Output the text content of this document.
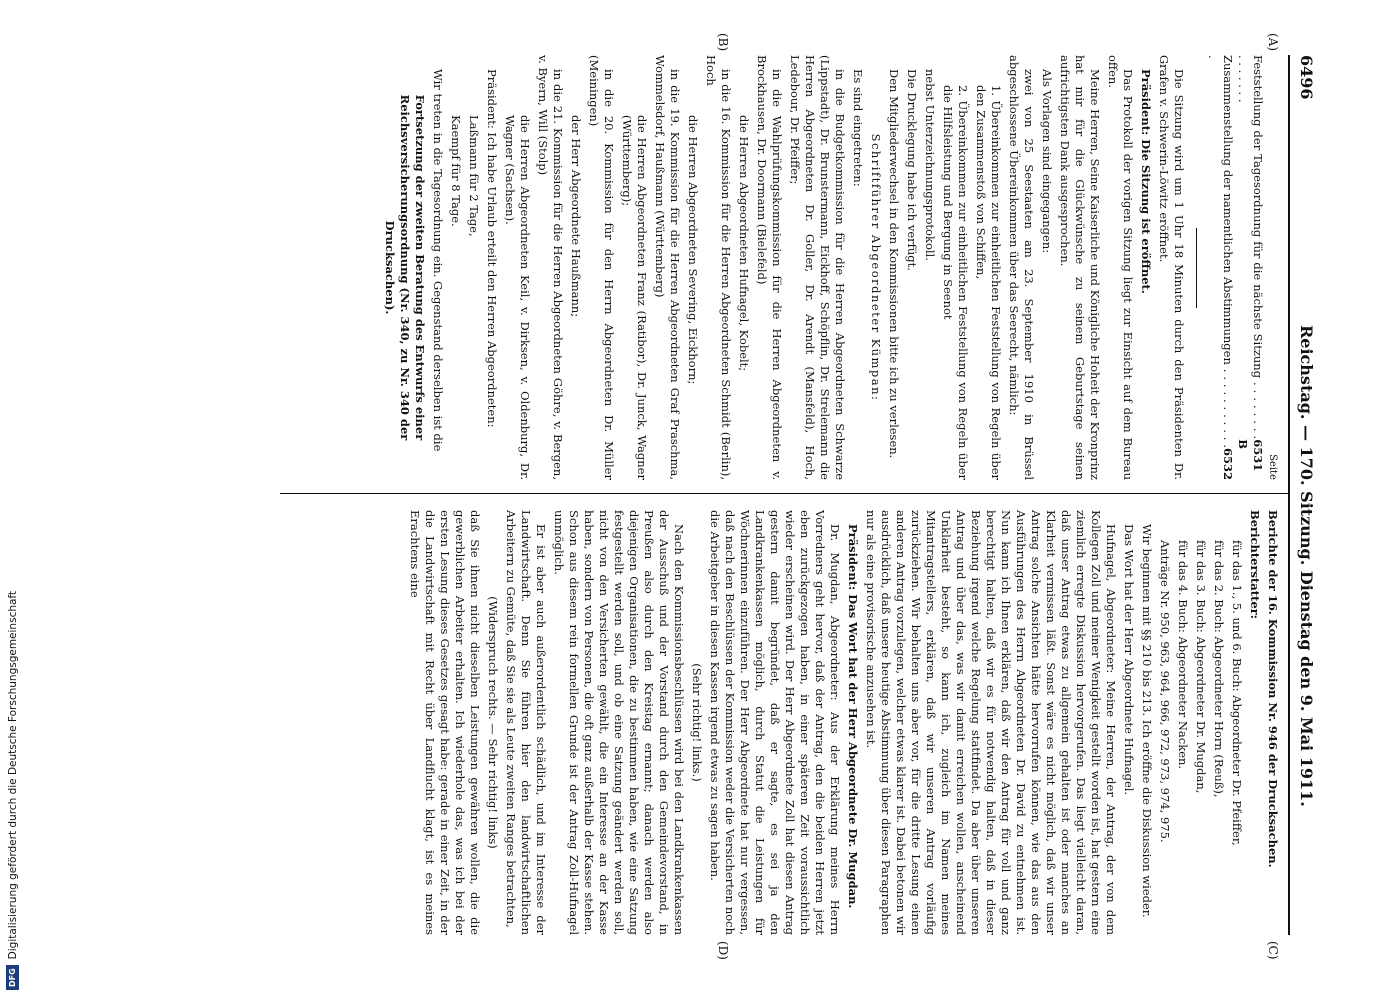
6496
Reichstag. — 170. Sitzung. Dienstag den 9. Mai 1911.
(A)
(B)
(C)
(D)
Seite
Feststellung der Tagesordnung für die nächste Sitzung . . . . . . . . . . . . . . .
6531 B
Zusammenstellung der namentlichen Abstimmungen . . . . . . . . . . . .
6532

Die Sitzung wird um 1 Uhr 18 Minuten durch den Präsidenten Dr. Grafen v. Schwerin-Löwitz eröffnet.

Präsident: Die Sitzung ist eröffnet.

Das Protokoll der vorigen Sitzung liegt zur Einsicht auf dem Bureau offen.

Meine Herren, Seine Kaiserliche und Königliche Hoheit der Kronprinz hat mir für die Glückwünsche zu seinem Geburtstage seinen aufrichtigsten Dank ausgesprochen.

Als Vorlagen sind eingegangen:

zwei von 25 Seestaaten am 23. September 1910 in Brüssel abgeschlossene Übereinkommen über das Seerecht, nämlich:

1. Übereinkommen zur einheitlichen Feststellung von Regeln über den Zusammenstoß von Schiffen,

2. Übereinkommen zur einheitlichen Feststellung von Regeln über die Hilfsleistung und Bergung in Seenot

nebst Unterzeichnungsprotokoll.

Die Drucklegung habe ich verfügt.

Den Mitgliederwechsel in den Kommissionen bitte ich zu verlesen.

Schriftführer Abgeordneter Kümpan:

Es sind eingetreten:

in die Budgetkommission für die Herren Abgeordneten Schwarze (Lippstadt), Dr. Brunstermann, Eickhoff, Schöpflin, Dr. Strelemann die Herren Abgeordneten Dr. Goller, Dr. Arendt (Mansfeld), Hoch, Ledebour, Dr. Pfeiffer;

in die Wahlprüfungskommission für die Herren Abgeordneten v. Brockhausen, Dr. Doormann (Bielefeld)

die Herren Abgeordneten Hufnagel, Kobelt;

in die 16. Kommission für die Herren Abgeordneten Schmidt (Berlin), Hoch

die Herren Abgeordneten Severing, Eickhorn;

in die 19. Kommission für die Herren Abgeordneten Graf Praschma, Wommelsdorf, Haußmann (Württemberg)

die Herren Abgeordneten Franz (Ratibor), Dr. Junck, Wagner (Württemberg);

in die 20. Kommission für den Herrn Abgeordneten Dr. Müller (Meiningen)

der Herr Abgeordnete Haußmann;

in die 21. Kommission für die Herren Abgeordneten Göhre, v. Bergen, v. Byern, Will (Stolp)

die Herren Abgeordneten Keil, v. Dirksen, v. Oldenburg, Dr. Wagner (Sachsen).

Präsident: Ich habe Urlaub erteilt den Herren Abgeordneten:

Laßmann für 2 Tage,

Kaempf für 8 Tage.

Wir treten in die Tagesordnung ein. Gegenstand derselben ist die

Fortsetzung der zweiten Beratung des Entwurfs einer Reichsversicherungsordnung (Nr. 340, zu Nr. 340 der Drucksachen).

Berichte der 16. Kommission Nr. 946 der Drucksachen.

Berichterstatter:

für das 1., 5. und 6. Buch: Abgeordneter Dr. Pfeiffer,

für das 2. Buch: Abgeordneter Horn (Reuß),

für das 3. Buch: Abgeordneter Dr. Mugdan,

für das 4. Buch: Abgeordneter Nacken.

Anträge Nr. 950, 963, 964, 966, 972, 973, 974, 975.

Wir beginnen mit §§ 210 bis 213. Ich eröffne die Diskussion wieder.

Das Wort hat der Herr Abgeordnete Hufnagel.

Hufnagel, Abgeordneter: Meine Herren, der Antrag, der von dem Kollegen Zoll und meiner Wenigkeit gestellt worden ist, hat gestern eine ziemlich erregte Diskussion hervorgerufen. Das liegt vielleicht daran, daß unser Antrag etwas zu allgemein gehalten ist oder manches an Klarheit vermissen läßt. Sonst wäre es nicht möglich, daß wir unser Antrag solche Ansichten hätte hervorrufen können, wie das aus den Ausführungen des Herrn Abgeordneten Dr. David zu entnehmen ist. Nun kann ich Ihnen erklären, daß wir den Antrag für voll und ganz berechtigt halten, daß wir es für notwendig halten, daß in dieser Beziehung irgend welche Regelung stattfindet. Da aber über unseren Antrag und über das, was wir damit erreichen wollen, anscheinend Unklarheit besteht, so kann ich, zugleich im Namen meines Mitantragstellers, erklären, daß wir unseren Antrag vorläufig zurückziehen. Wir behalten uns aber vor, für die dritte Lesung einen anderen Antrag vorzulegen, welcher etwas klarer ist. Dabei betonen wir ausdrücklich, daß unsere heutige Abstimmung über diesen Paragraphen nur als eine provisorische anzusehen ist.

Präsident: Das Wort hat der Herr Abgeordnete Dr. Mugdan.

Dr. Mugdan, Abgeordneter: Aus der Erklärung meines Herrn Vorredners geht hervor, daß der Antrag, den die beiden Herren jetzt eben zurückgezogen haben, in einer späteren Zeit voraussichtlich wieder erscheinen wird. Der Herr Abgeordnete Zoll hat diesen Antrag gestern damit begründet, daß er sagte, es sei ja den Landkrankenkassen möglich, durch Statut die Leistungen für Wöchnerinnen einzuführen. Der Herr Abgeordnete hat nur vergessen, daß nach den Beschlüssen der Kommission weder die Versicherten noch die Arbeitgeber in diesen Kassen irgend etwas zu sagen haben.

(Sehr richtig! links.)

Nach den Kommissionsbeschlüssen wird bei den Landkrankenkassen der Ausschuß und der Vorstand durch den Gemeindevorstand, in Preußen also durch den Kreistag ernannt; danach werden also diejenigen Organisationen, die zu bestimmen haben, wie eine Satzung festgestellt werden soll, und ob eine Satzung geändert werden soll, nicht von den Versicherten gewählt, die ein Interesse an der Kasse haben, sondern von Personen, die oft ganz außerhalb der Kasse stehen. Schon aus diesem rein formellen Grunde ist der Antrag Zoll-Hufnagel unmöglich.

Er ist aber auch außerordentlich schädlich, und im Interesse der Landwirtschaft. Denn Sie führen hier den landwirtschaftlichen Arbeitern zu Gemüte, daß Sie sie als Leute zweiten Ranges betrachten,

(Widerspruch rechts. — Sehr richtig! links)

daß Sie ihnen nicht dieselben Leistungen gewähren wollen, die die gewerblichen Arbeiter erhalten. Ich wiederhole das, was ich bei der ersten Lesung dieses Gesetzes gesagt habe: gerade in einer Zeit, in der die Landwirtschaft mit Recht über Landflucht klagt, ist es meines Erachtens eine

DFG
Digitalisierung gefördert durch die Deutsche Forschungsgemeinschaft
